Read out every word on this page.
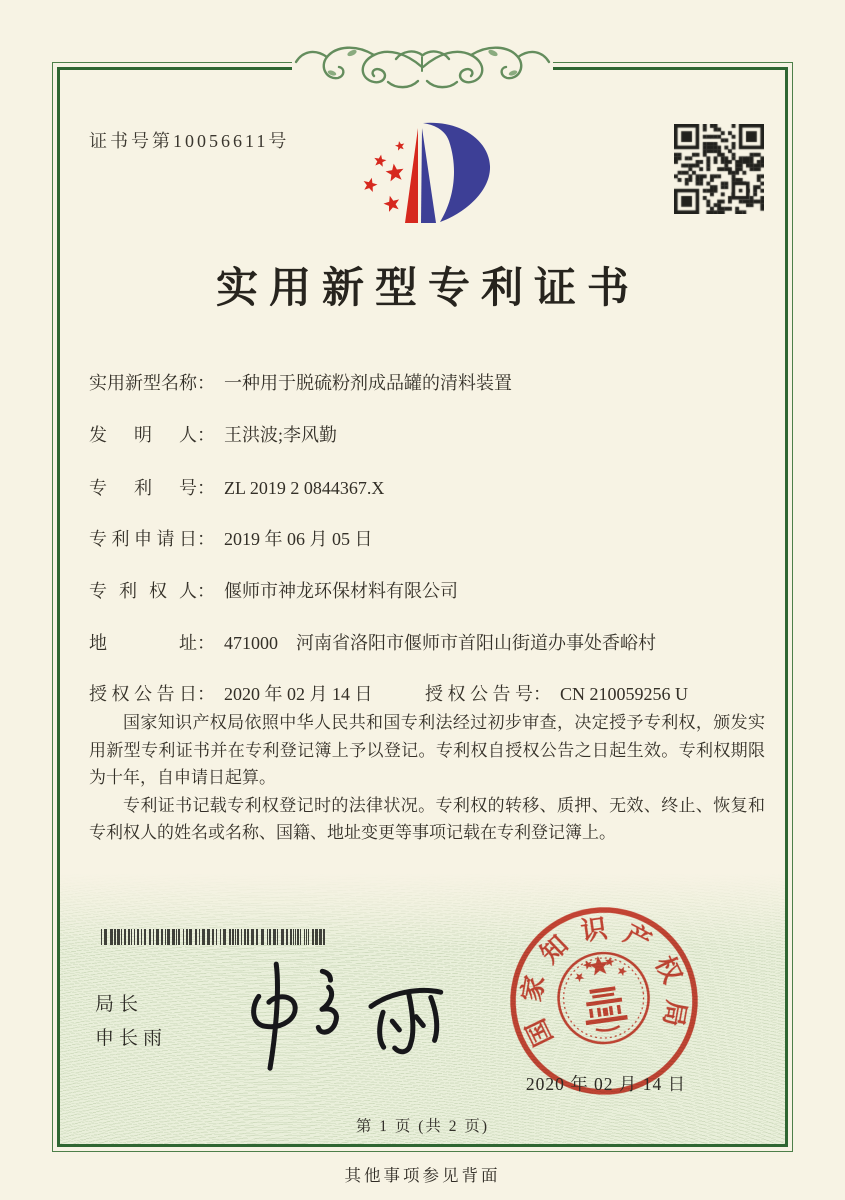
证书号第10056611号
实用新型专利证书
实用新型名称： 一种用于脱硫粉剂成品罐的清料装置
发明人： 王洪波;李风勤
专利号： ZL 2019 2 0844367.X
专利申请日： 2019 年 06 月 05 日
专利权人： 偃师市神龙环保材料有限公司
地址： 471000　河南省洛阳市偃师市首阳山街道办事处香峪村
授权公告日： 2020 年 02 月 14 日	授权公告号： CN 210059256 U

国家知识产权局依照中华人民共和国专利法经过初步审查，决定授予专利权，颁发实用新型专利证书并在专利登记簿上予以登记。专利权自授权公告之日起生效。专利权期限为十年，自申请日起算。

专利证书记载专利权登记时的法律状况。专利权的转移、质押、无效、终止、恢复和专利权人的姓名或名称、国籍、地址变更等事项记载在专利登记簿上。

局长
申长雨	国
家
知 识 产
权
局
2020 年 02 月 14 日
第 1 页 (共 2 页)
其他事项参见背面
